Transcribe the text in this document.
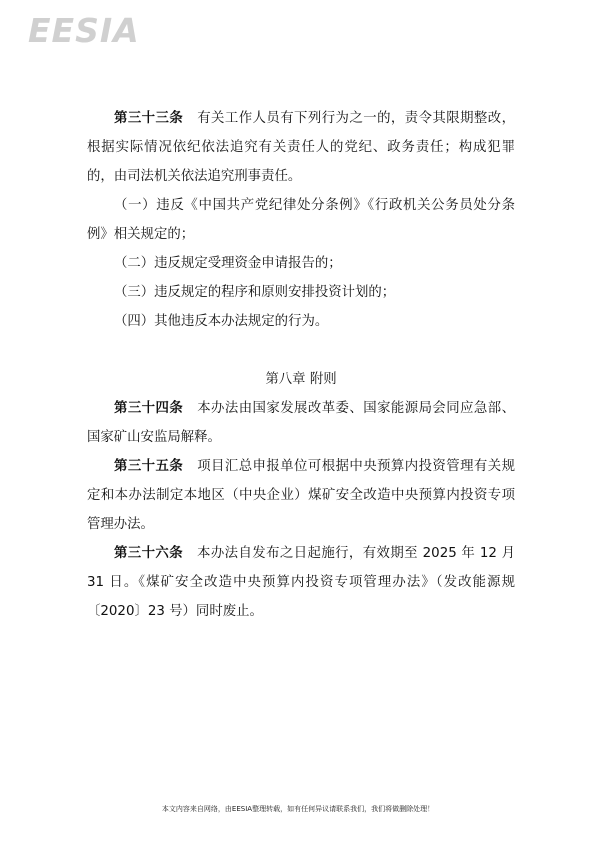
EESIA

第三十三条 有关工作人员有下列行为之一的，责令其限期整改，根据实际情况依纪依法追究有关责任人的党纪、政务责任；构成犯罪的，由司法机关依法追究刑事责任。

（一）违反《中国共产党纪律处分条例》《行政机关公务员处分条例》相关规定的；

（二）违反规定受理资金申请报告的；

（三）违反规定的程序和原则安排投资计划的；

（四）其他违反本办法规定的行为。

第八章 附则

第三十四条 本办法由国家发展改革委、国家能源局会同应急部、国家矿山安监局解释。

第三十五条 项目汇总申报单位可根据中央预算内投资管理有关规定和本办法制定本地区（中央企业）煤矿安全改造中央预算内投资专项管理办法。

第三十六条 本办法自发布之日起施行，有效期至 2025 年 12 月 31 日。《煤矿安全改造中央预算内投资专项管理办法》（发改能源规〔2020〕23 号）同时废止。

本文内容来自网络，由EESIA整理转载，如有任何异议请联系我们，我们将做删除处理！
